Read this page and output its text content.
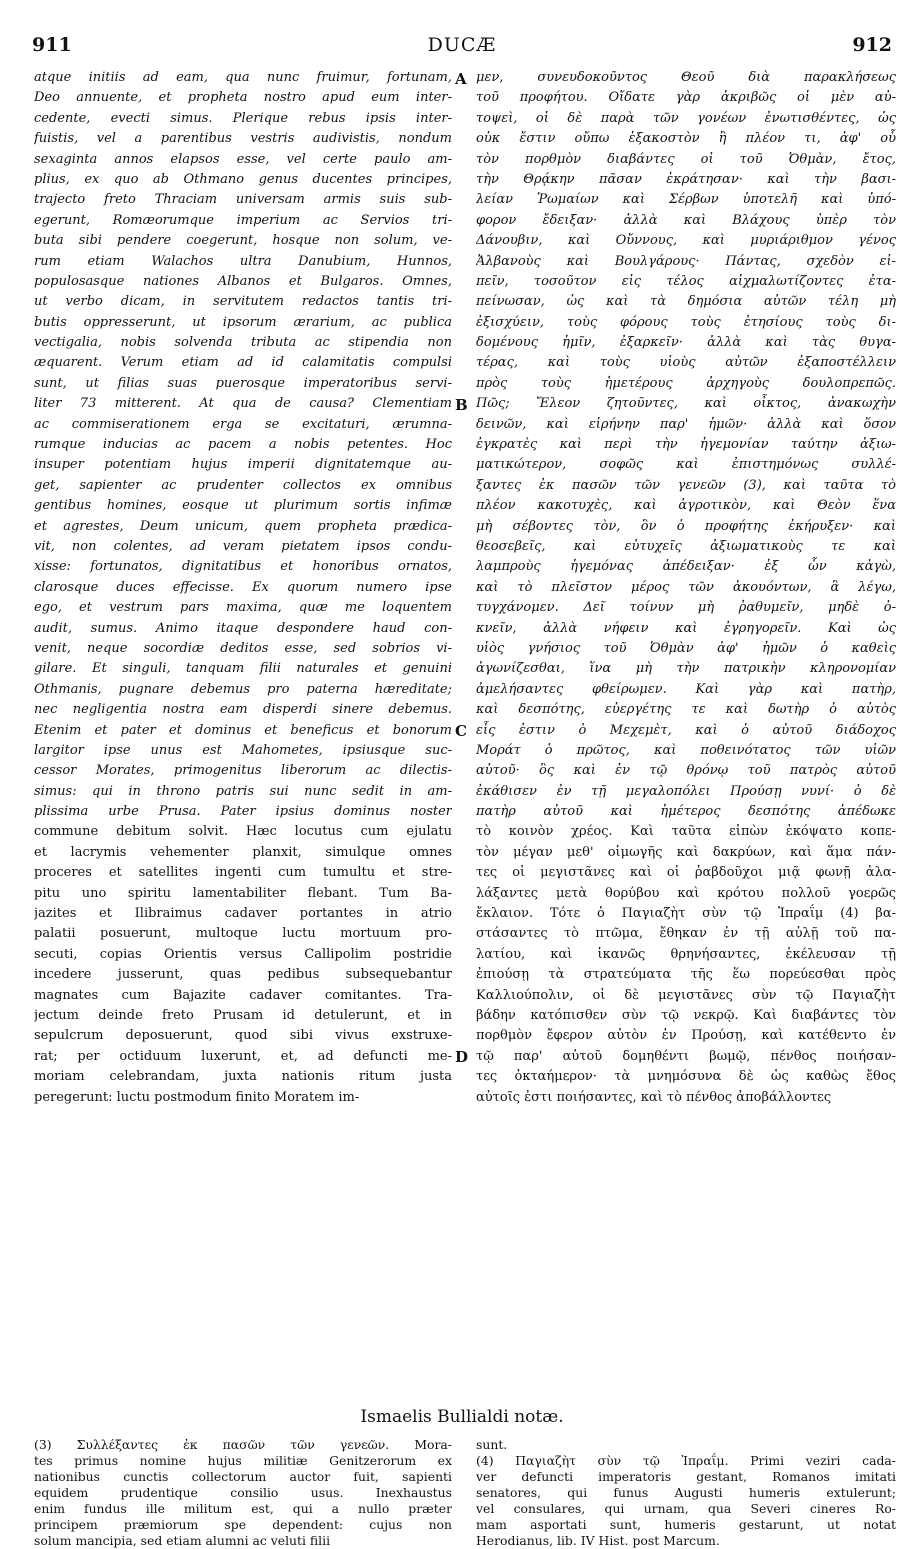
911	DUCÆ	912
atque initiis ad eam, qua nunc fruimur, fortunam,
Deo annuente, et propheta nostro apud eum inter-
cedente, evecti simus. Plerique rebus ipsis inter-
fuistis, vel a parentibus vestris audivistis, nondum
sexaginta annos elapsos esse, vel certe paulo am-
plius, ex quo ab Othmano genus ducentes principes,
trajecto freto Thraciam universam armis suis sub-
egerunt, Romæorumque imperium ac Servios tri-
buta sibi pendere coegerunt, hosque non solum, ve-
rum etiam Walachos ultra Danubium, Hunnos,
populosasque nationes Albanos et Bulgaros. Omnes,
ut verbo dicam, in servitutem redactos tantis tri-
butis oppresserunt, ut ipsorum ærarium, ac publica
vectigalia, nobis solvenda tributa ac stipendia non
æquarent. Verum etiam ad id calamitatis compulsi
sunt, ut filias suas puerosque imperatoribus servi-
liter 73 mitterent. At qua de causa? Clementiam
ac commiserationem erga se excitaturi, ærumna-
rumque inducias ac pacem a nobis petentes. Hoc
insuper potentiam hujus imperii dignitatemque au-
get, sapienter ac prudenter collectos ex omnibus
gentibus homines, eosque ut plurimum sortis infimæ
et agrestes, Deum unicum, quem propheta prædica-
vit, non colentes, ad veram pietatem ipsos condu-
xisse: fortunatos, dignitatibus et honoribus ornatos,
clarosque duces effecisse. Ex quorum numero ipse
ego, et vestrum pars maxima, quæ me loquentem
audit, sumus. Animo itaque despondere haud con-
venit, neque socordiæ deditos esse, sed sobrios vi-
gilare. Et singuli, tanquam filii naturales et genuini
Othmanis, pugnare debemus pro paterna hæreditate;
nec negligentia nostra eam disperdi sinere debemus.
Etenim et pater et dominus et beneficus et bonorum
largitor ipse unus est Mahometes, ipsiusque suc-
cessor Morates, primogenitus liberorum ac dilectis-
simus: qui in throno patris sui nunc sedit in am-
plissima urbe Prusa. Pater ipsius dominus noster
commune debitum solvit. Hæc locutus cum ejulatu
et lacrymis vehementer planxit, simulque omnes
proceres et satellites ingenti cum tumultu et stre-
pitu uno spiritu lamentabiliter flebant. Tum Ba-
jazites et Ilibraimus cadaver portantes in atrio
palatii posuerunt, multoque luctu mortuum pro-
secuti, copias Orientis versus Callipolim postridie
incedere jusserunt, quas pedibus subsequebantur
magnates cum Bajazite cadaver comitantes. Tra-
jectum deinde freto Prusam id detulerunt, et in
sepulcrum deposuerunt, quod sibi vivus exstruxe-
rat; per octiduum luxerunt, et, ad defuncti me-
moriam celebrandam, juxta nationis ritum justa
peregerunt: luctu postmodum finito Moratem im-
μεν, συνευδοκοῦντος Θεοῦ διὰ παρακλήσεως
τοῦ προφήτου. Οἴδατε γὰρ ἀκριβῶς οἱ μὲν αὐ-
τοψεὶ, οἱ δὲ παρὰ τῶν γονέων ἐνωτισθέντες, ὡς
οὐκ ἔστιν οὔπω ἑξακοστὸν ἢ πλέον τι, ἀφ' οὗ
τὸν πορθμὸν διαβάντες οἱ τοῦ Ὀθμὰν, ἔτος,
τὴν Θρᾴκην πᾶσαν ἐκράτησαν· καὶ τὴν βασι-
λείαν Ῥωμαίων καὶ Σέρβων ὑποτελῆ καὶ ὑπό-
φορον ἔδειξαν· ἀλλὰ καὶ Βλάχους ὑπὲρ τὸν
Δάνουβιν, καὶ Οὔννους, καὶ μυριάριθμον γένος
Ἀλβανοὺς καὶ Βουλγάρους· Πάντας, σχεδὸν εἰ-
πεῖν, τοσοῦτον εἰς τέλος αἰχμαλωτίζοντες ἐτα-
πείνωσαν, ὡς καὶ τὰ δημόσια αὐτῶν τέλη μὴ
ἐξισχύειν, τοὺς φόρους τοὺς ἐτησίους τοὺς δι-
δομένους ἡμῖν, ἐξαρκεῖν· ἀλλὰ καὶ τὰς θυγα-
τέρας, καὶ τοὺς υἱοὺς αὐτῶν ἐξαποστέλλειν
πρὸς τοὺς ἡμετέρους ἀρχηγοὺς δουλοπρεπῶς.
Πῶς; Ἔλεον ζητοῦντες, καὶ οἶκτος, ἀνακωχὴν
δεινῶν, καὶ εἰρήνην παρ' ἡμῶν· ἀλλὰ καὶ ὅσον
ἐγκρατὲς καὶ περὶ τὴν ἡγεμονίαν ταύτην ἀξιω-
ματικώτερον, σοφῶς καὶ ἐπιστημόνως συλλέ-
ξαντες ἐκ πασῶν τῶν γενεῶν (3), καὶ ταῦτα τὸ
πλέον κακοτυχὲς, καὶ ἀγροτικὸν, καὶ Θεὸν ἕνα
μὴ σέβοντες τὸν, ὃν ὁ προφήτης ἐκήρυξεν· καὶ
θεοσεβεῖς, καὶ εὐτυχεῖς ἀξιωματικοὺς τε καὶ
λαμπροὺς ἡγεμόνας ἀπέδειξαν· ἐξ ὧν κἀγὼ,
καὶ τὸ πλεῖστον μέρος τῶν ἀκουόντων, ἃ λέγω,
τυγχάνομεν. Δεῖ τοίνυν μὴ ῥαθυμεῖν, μηδὲ ὀ-
κνεῖν, ἀλλὰ νήφειν καὶ ἐγρηγορεῖν. Καὶ ὡς
υἱὸς γνήσιος τοῦ Ὀθμὰν ἀφ' ἡμῶν ὁ καθεὶς
ἀγωνίζεσθαι, ἵνα μὴ τὴν πατρικὴν κληρονομίαν
ἀμελήσαντες φθείρωμεν. Καὶ γὰρ καὶ πατὴρ,
καὶ δεσπότης, εὐεργέτης τε καὶ δωτὴρ ὁ αὐτὸς
εἷς ἐστιν ὁ Μεχεμὲτ, καὶ ὁ αὐτοῦ διάδοχος
Μοράτ ὁ πρῶτος, καὶ ποθεινότατος τῶν υἱῶν
αὐτοῦ· ὃς καὶ ἐν τῷ θρόνῳ τοῦ πατρὸς αὐτοῦ
ἐκάθισεν ἐν τῇ μεγαλοπόλει Προύσῃ νυνί· ὁ δὲ
πατὴρ αὐτοῦ καὶ ἡμέτερος δεσπότης ἀπέδωκε
τὸ κοινὸν χρέος. Καὶ ταῦτα εἰπὼν ἐκόψατο κοπε-
τὸν μέγαν μεθ' οἰμωγῆς καὶ δακρύων, καὶ ἅμα πάν-
τες οἱ μεγιστᾶνες καὶ οἱ ῥαβδοῦχοι μιᾷ φωνῇ ἀλα-
λάξαντες μετὰ θορύβου καὶ κρότου πολλοῦ γοερῶς
ἔκλαιον. Τότε ὁ Παγιαζὴτ σὺν τῷ Ἰπραΐμ (4) βα-
στάσαντες τὸ πτῶμα, ἔθηκαν ἐν τῇ αὐλῇ τοῦ πα-
λατίου, καὶ ἱκανῶς θρηνήσαντες, ἐκέλευσαν τῇ
ἐπιούσῃ τὰ στρατεύματα τῆς ἕω πορεύεσθαι πρὸς
Καλλιούπολιν, οἱ δὲ μεγιστᾶνες σὺν τῷ Παγιαζὴτ
βάδην κατόπισθεν σὺν τῷ νεκρῷ. Καὶ διαβάντες τὸν
πορθμὸν ἔφερον αὐτὸν ἐν Προύσῃ, καὶ κατέθεντο ἐν
τῷ παρ' αὐτοῦ δομηθέντι βωμῷ, πένθος ποιήσαν-
τες ὀκταήμερον· τὰ μνημόσυνα δὲ ὡς καθὼς ἔθος
αὐτοῖς ἐστι ποιήσαντες, καὶ τὸ πένθος ἀποβάλλοντες
A
B
C
D
Ismaelis Bullialdi notæ.
(3) Συλλέξαντες ἐκ πασῶν τῶν γενεῶν. Mora-
tes primus nomine hujus militiæ Genitzerorum ex
nationibus cunctis collectorum auctor fuit, sapienti
equidem prudentique consilio usus. Inexhaustus
enim fundus ille militum est, qui a nullo præter
principem præmiorum spe dependent: cujus non
solum mancipia, sed etiam alumni ac veluti filii
sunt.
(4) Παγιαζὴτ σὺν τῷ Ἰπραΐμ. Primi veziri cada-
ver defuncti imperatoris gestant, Romanos imitati
senatores, qui funus Augusti humeris extulerunt;
vel consulares, qui urnam, qua Severi cineres Ro-
mam asportati sunt, humeris gestarunt, ut notat
Herodianus, lib. IV Hist. post Marcum.
